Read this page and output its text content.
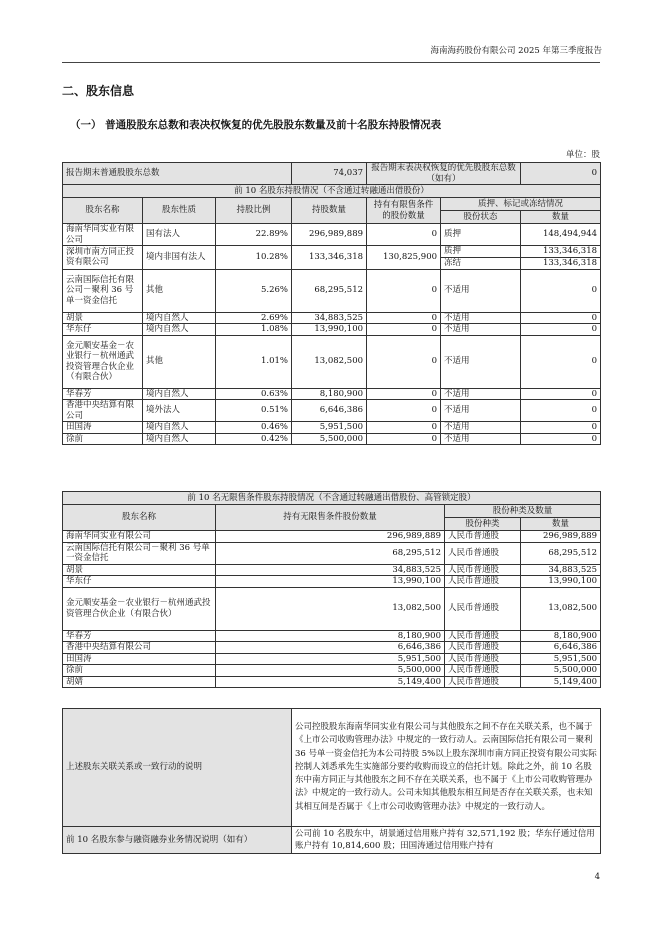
海南海药股份有限公司 2025 年第三季度报告
二、股东信息
（一） 普通股股东总数和表决权恢复的优先股股东数量及前十名股东持股情况表
单位：股
报告期末普通股股东总数			74,037	报告期末表决权恢复的优先股股东总数（如有）		0
前 10 名股东持股情况（不含通过转融通出借股份）						
股东名称	股东性质	持股比例	持股数量	持有有限售条件的股份数量	质押、标记或冻结情况	
					股份状态	数量
海南华同实业有限公司	国有法人	22.89%	296,989,889	0	质押	148,494,944
深圳市南方同正投资有限公司	境内非国有法人	10.28%	133,346,318	130,825,900	质押	133,346,318
					冻结	133,346,318
云南国际信托有限公司－聚利 36 号单一资金信托	其他	5.26%	68,295,512	0	不适用	0
胡景	境内自然人	2.69%	34,883,525	0	不适用	0
华东仔	境内自然人	1.08%	13,990,100	0	不适用	0
金元顺安基金－农业银行－杭州通武投资管理合伙企业（有限合伙）	其他	1.01%	13,082,500	0	不适用	0
华春芳	境内自然人	0.63%	8,180,900	0	不适用	0
香港中央结算有限公司	境外法人	0.51%	6,646,386	0	不适用	0
田国涛	境内自然人	0.46%	5,951,500	0	不适用	0
徐前	境内自然人	0.42%	5,500,000	0	不适用	0
前 10 名无限售条件股东持股情况（不含通过转融通出借股份、高管锁定股）			
股东名称	持有无限售条件股份数量	股份种类及数量	
		股份种类	数量
海南华同实业有限公司	296,989,889	人民币普通股	296,989,889
云南国际信托有限公司－聚利 36 号单一资金信托	68,295,512	人民币普通股	68,295,512
胡景	34,883,525	人民币普通股	34,883,525
华东仔	13,990,100	人民币普通股	13,990,100
金元顺安基金－农业银行－杭州通武投资管理合伙企业（有限合伙）	13,082,500	人民币普通股	13,082,500
华春芳	8,180,900	人民币普通股	8,180,900
香港中央结算有限公司	6,646,386	人民币普通股	6,646,386
田国涛	5,951,500	人民币普通股	5,951,500
徐前	5,500,000	人民币普通股	5,500,000
胡婧	5,149,400	人民币普通股	5,149,400
上述股东关联关系或一致行动的说明	公司控股股东海南华同实业有限公司与其他股东之间不存在关联关系，也不属于《上市公司收购管理办法》中规定的一致行动人。云南国际信托有限公司－聚利 36 号单一资金信托为本公司持股 5%以上股东深圳市南方同正投资有限公司实际控制人刘悉承先生实施部分要约收购而设立的信托计划。除此之外，前 10 名股东中南方同正与其他股东之间不存在关联关系，也不属于《上市公司收购管理办法》中规定的一致行动人。公司未知其他股东相互间是否存在关联关系，也未知其相互间是否属于《上市公司收购管理办法》中规定的一致行动人。
前 10 名股东参与融资融券业务情况说明（如有）	公司前 10 名股东中，胡景通过信用账户持有 32,571,192 股；华东仔通过信用账户持有 10,814,600 股；田国涛通过信用账户持有
4
